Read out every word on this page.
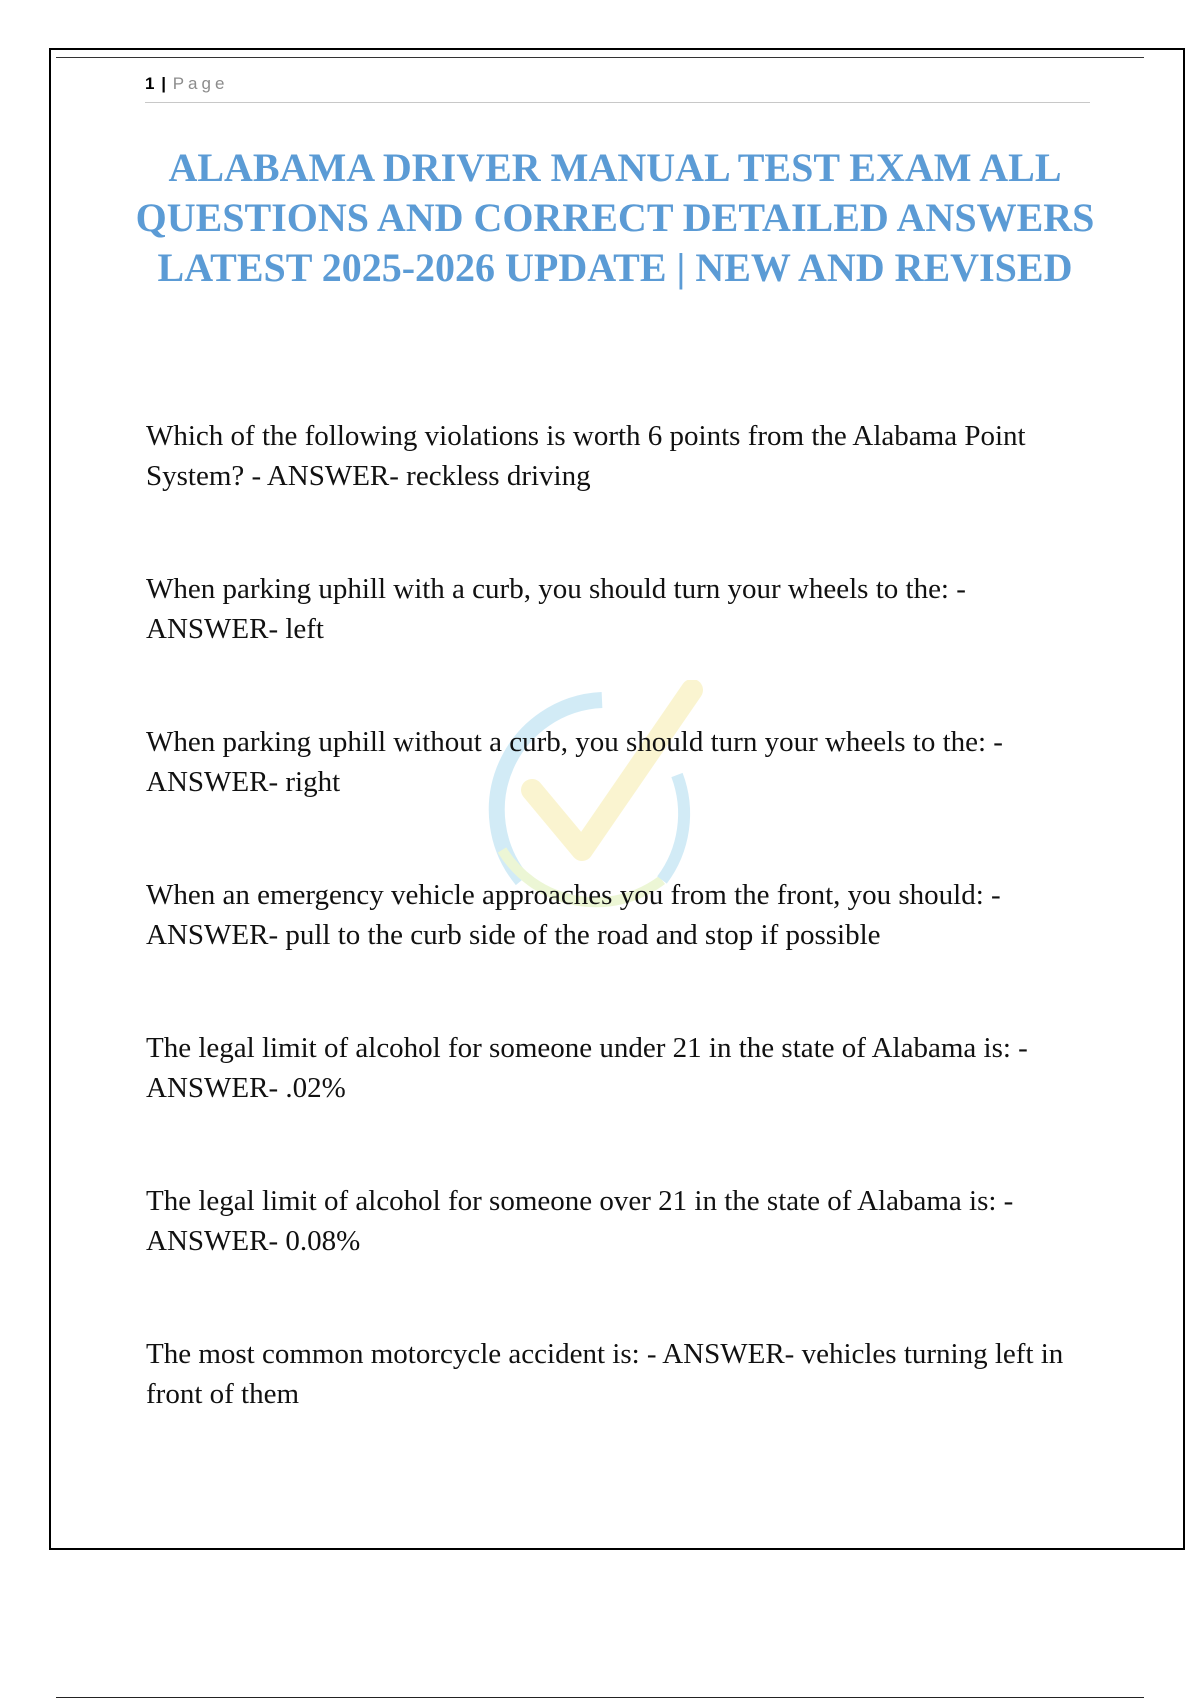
1 | Page
ALABAMA DRIVER MANUAL TEST EXAM ALL QUESTIONS AND CORRECT DETAILED ANSWERS LATEST 2025-2026 UPDATE | NEW AND REVISED
Which of the following violations is worth 6 points from the Alabama Point System? - ANSWER- reckless driving
When parking uphill with a curb, you should turn your wheels to the: - ANSWER- left
When parking uphill without a curb, you should turn your wheels to the: - ANSWER- right
When an emergency vehicle approaches you from the front, you should: - ANSWER- pull to the curb side of the road and stop if possible
The legal limit of alcohol for someone under 21 in the state of Alabama is: - ANSWER- .02%
The legal limit of alcohol for someone over 21 in the state of Alabama is: - ANSWER- 0.08%
The most common motorcycle accident is: - ANSWER- vehicles turning left in front of them
